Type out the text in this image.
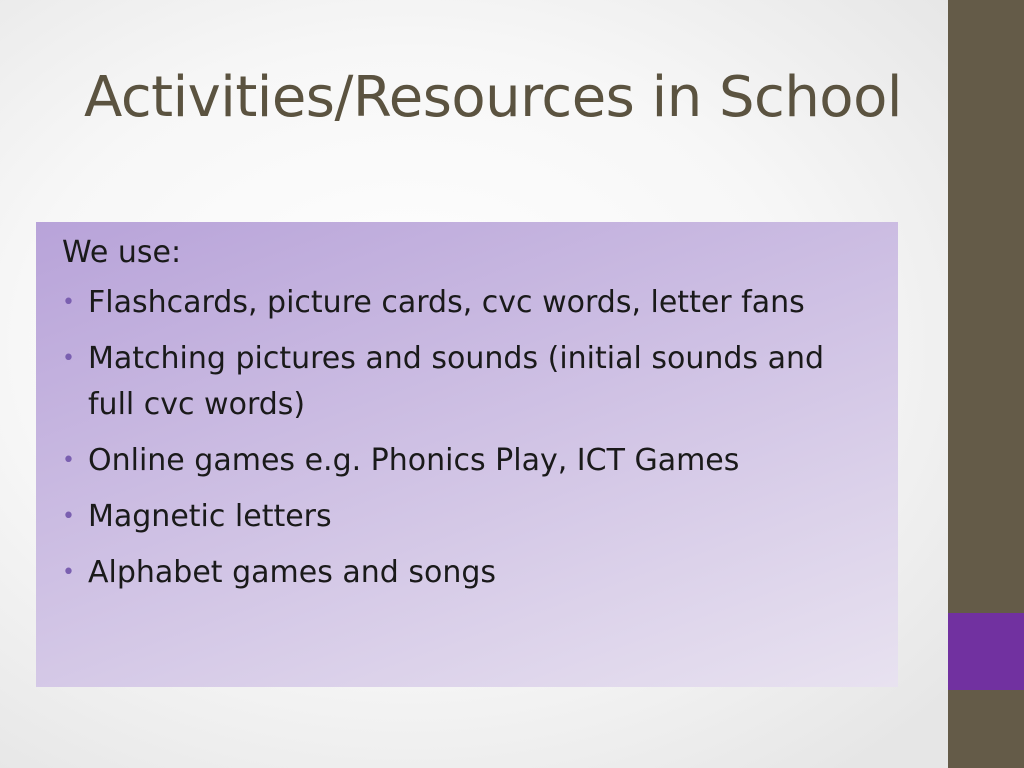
Activities/Resources in School
We use:
• Flashcards, picture cards, cvc words, letter fans
• Matching pictures and sounds (initial sounds and full cvc words)
• Online games e.g. Phonics Play, ICT Games
• Magnetic letters
• Alphabet games and songs
